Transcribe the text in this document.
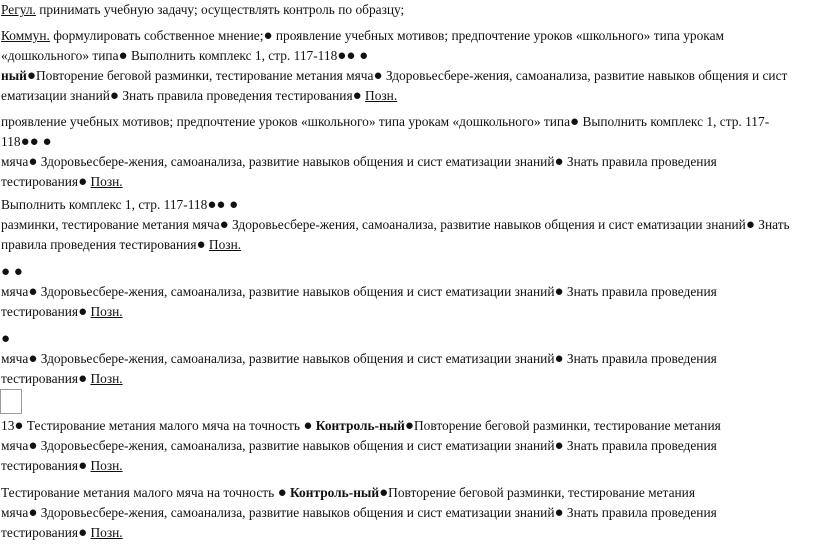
Регул. принимать учебную задачу; осуществлять контроль по образцу;
Коммун. формулировать собственное мнение;● проявление учебных мотивов; предпочтение уроков «школьного» типа урокам
«дошкольного» типа● Выполнить комплекс 1, стр. 117-118●● ●
ный●Повторение беговой разминки, тестирование метания мяча● Здоровьесбере-жения, самоанализа, развитие навыков общения и сист
ематизации знаний● Знать правила проведения тестирования● Позн.
проявление учебных мотивов; предпочтение уроков «школьного» типа урокам «дошкольного» типа● Выполнить комплекс 1, стр. 117-
118●● ●
мяча● Здоровьесбере-жения, самоанализа, развитие навыков общения и сист ематизации знаний● Знать правила проведения
тестирования● Позн.
Выполнить комплекс 1, стр. 117-118●● ●
разминки, тестирование метания мяча● Здоровьесбере-жения, самоанализа, развитие навыков общения и сист ематизации знаний● Знать
правила проведения тестирования● Позн.
● ●
мяча● Здоровьесбере-жения, самоанализа, развитие навыков общения и сист ематизации знаний● Знать правила проведения
тестирования● Позн.
●
мяча● Здоровьесбере-жения, самоанализа, развитие навыков общения и сист ематизации знаний● Знать правила проведения
тестирования● Позн.
13● Тестирование метания малого мяча на точность ● Контроль-ный●Повторение беговой разминки, тестирование метания
мяча● Здоровьесбере-жения, самоанализа, развитие навыков общения и сист ематизации знаний● Знать правила проведения
тестирования● Позн.
Тестирование метания малого мяча на точность ● Контроль-ный●Повторение беговой разминки, тестирование метания
мяча● Здоровьесбере-жения, самоанализа, развитие навыков общения и сист ематизации знаний● Знать правила проведения
тестирования● Позн.
